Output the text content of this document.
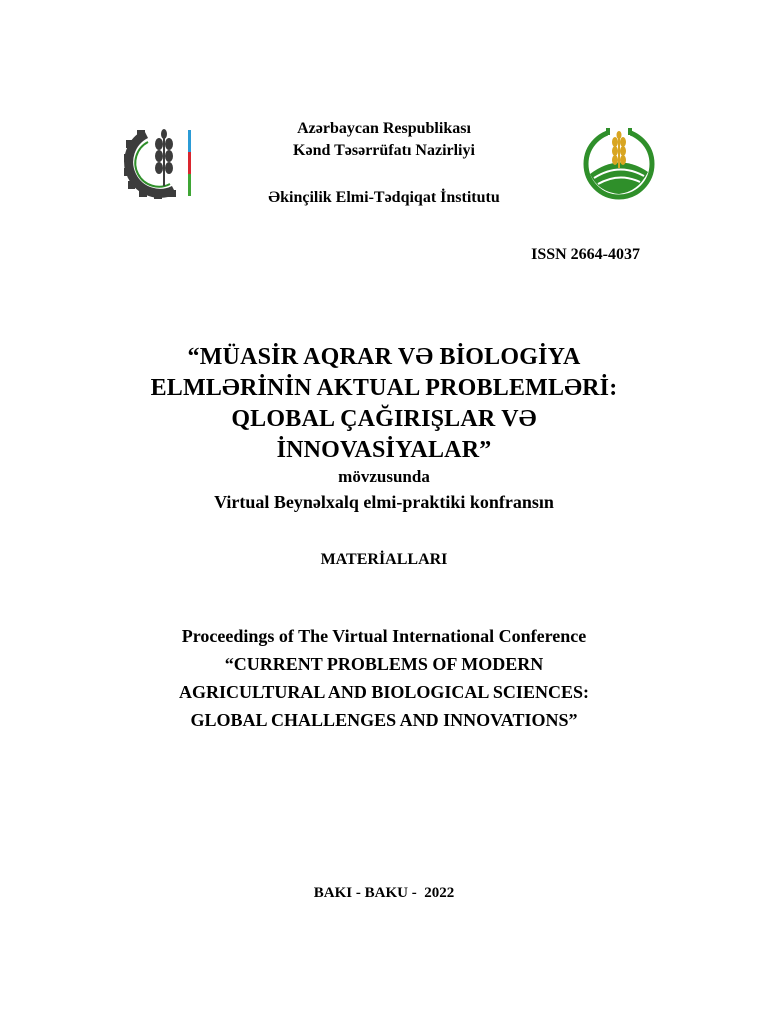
Azərbaycan Respublikası
Kənd Təsərrüfatı Nazirliyi
Əkinçilik Elmi-Tədqiqat İnstitutu
ISSN 2664-4037
“MÜASİR AQRAR VƏ BİOLOGİYA
ELMLƏRİNİN AKTUAL PROBLEMLƏRİ:
QLOBAL ÇAĞIRIŞLAR VƏ
İNNOVASİYALAR”
mövzusunda
Virtual Beynəlxalq elmi-praktiki konfransın
MATERİALLARI
Proceedings of The Virtual International Conference
“CURRENT PROBLEMS OF MODERN
AGRICULTURAL AND BIOLOGICAL SCIENCES:
GLOBAL CHALLENGES AND INNOVATIONS”
BAKI - BAKU -  2022
